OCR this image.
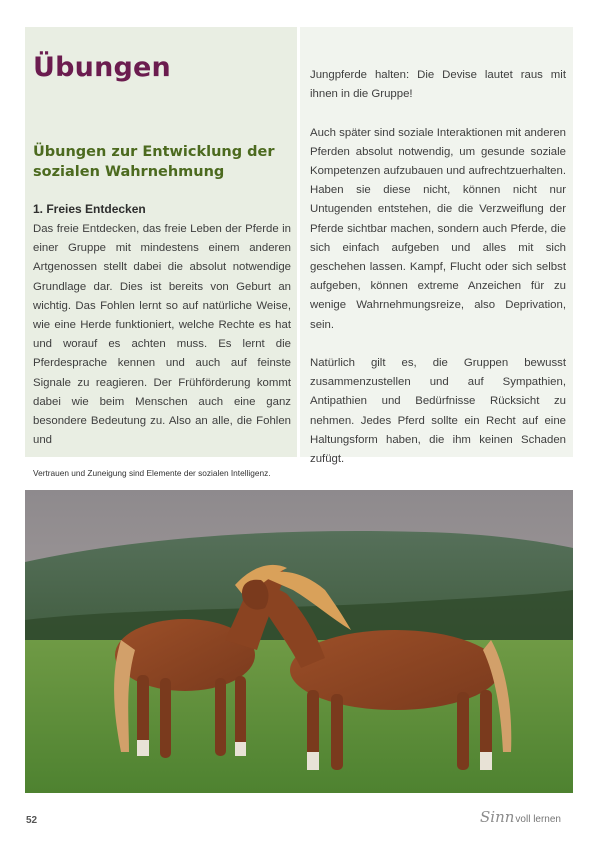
Übungen
Übungen zur Entwicklung der sozialen Wahrnehmung
1. Freies Entdecken

Das freie Entdecken, das freie Leben der Pferde in einer Gruppe mit mindestens einem anderen Artgenossen stellt dabei die absolut notwendige Grundlage dar. Dies ist bereits von Geburt an wichtig. Das Fohlen lernt so auf natürliche Weise, wie eine Herde funktioniert, welche Rechte es hat und worauf es achten muss. Es lernt die Pferdesprache kennen und auch auf feinste Signale zu reagieren. Der Frühförderung kommt dabei wie beim Menschen auch eine ganz besondere Bedeutung zu. Also an alle, die Fohlen und

Jungpferde halten: Die Devise lautet raus mit ihnen in die Gruppe!

Auch später sind soziale Interaktionen mit anderen Pferden absolut notwendig, um gesunde soziale Kompetenzen aufzubauen und aufrechtzuerhalten. Haben sie diese nicht, können nicht nur Untugenden entstehen, die die Verzweiflung der Pferde sichtbar machen, sondern auch Pferde, die sich einfach aufgeben und alles mit sich geschehen lassen. Kampf, Flucht oder sich selbst aufgeben, können extreme Anzeichen für zu wenige Wahrnehmungsreize, also Deprivation, sein.

Natürlich gilt es, die Gruppen bewusst zusammenzustellen und auf Sympathien, Antipathien und Bedürfnisse Rücksicht zu nehmen. Jedes Pferd sollte ein Recht auf eine Haltungsform haben, die ihm keinen Schaden zufügt.

Vertrauen und Zuneigung sind Elemente der sozialen Intelligenz.

52	Sinn voll lernen
